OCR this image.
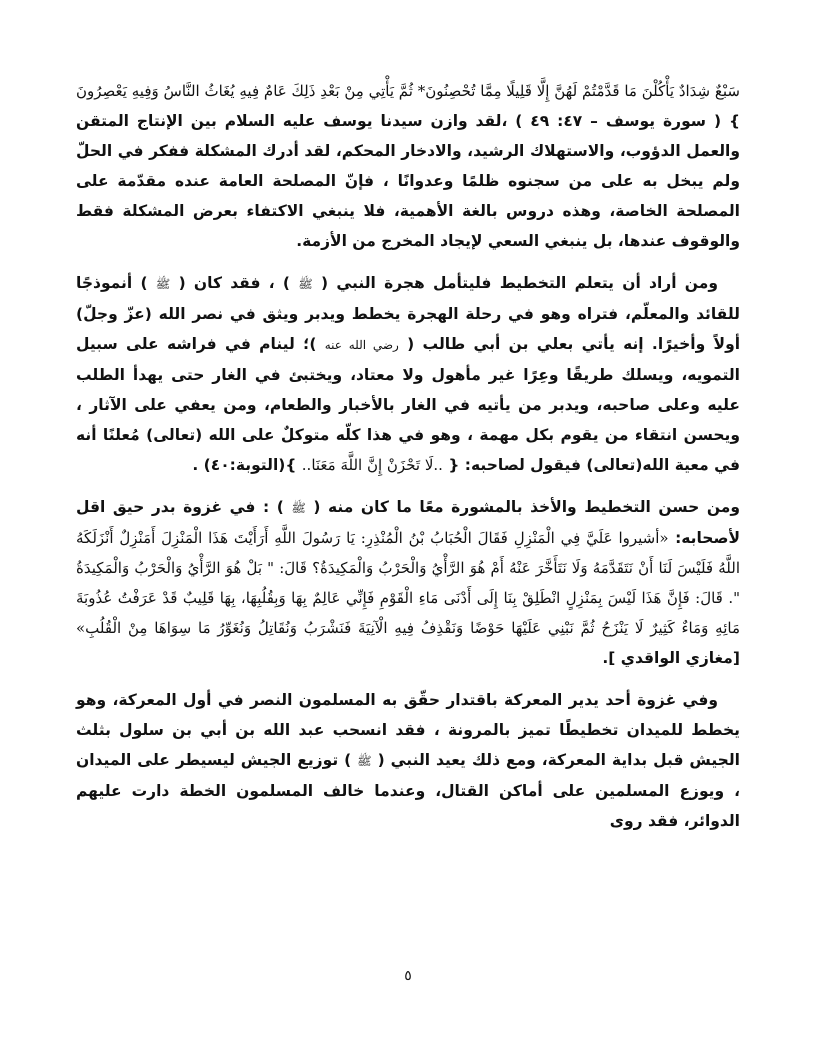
سَبْعٌ شِدَادٌ يَأْكُلْنَ مَا قَدَّمْتُمْ لَهُنَّ إِلَّا قَلِيلًا مِمَّا تُحْصِنُونَ* ثُمَّ يَأْتِي مِنْ بَعْدِ ذَلِكَ عَامٌ فِيهِ يُغَاثُ النَّاسُ وَفِيهِ يَعْصِرُونَ } ( سورة يوسف – ٤٧: ٤٩ ) ،لقد وازن سيدنا يوسف عليه السلام بين الإنتاج المتقن والعمل الدؤوب، والاستهلاك الرشيد، والادخار المحكم، لقد أدرك المشكلة ففكر في الحلّ ولم يبخل به على من سجنوه ظلمًا وعدوانًا ، فإنّ المصلحة العامة عنده مقدّمة على المصلحة الخاصة، وهذه دروس بالغة الأهمية، فلا ينبغي الاكتفاء بعرض المشكلة فقط والوقوف عندها، بل ينبغي السعي لإيجاد المخرج من الأزمة.

ومن أراد أن يتعلم التخطيط فليتأمل هجرة النبي ( ﷺ ) ، فقد كان ( ﷺ ) أنموذجًا للقائد والمعلّم، فتراه وهو في رحلة الهجرة يخطط ويدبر ويثق في نصر الله (عزّ وجلّ) أولاً وأخيرًا. إنه يأتي بعلي بن أبي طالب ( رضي الله عنه )؛ لينام في فراشه على سبيل التمويه، ويسلك طريقًا وعِرًا غير مأهول ولا معتاد، ويختبئ في الغار حتى يهدأ الطلب عليه وعلى صاحبه، ويدبر من يأتيه في الغار بالأخبار والطعام، ومن يعفي على الآثار ، ويحسن انتقاء من يقوم بكل مهمة ، وهو في هذا كلّه متوكلٌ على الله (تعالى) مُعلنًا أنه في معية الله(تعالى) فيقول لصاحبه: { ..لَا تَحْزَنْ إِنَّ اللَّهَ مَعَنَا.. }(التوبة:٤٠) .

ومن حسن التخطيط والأخذ بالمشورة معًا ما كان منه ( ﷺ ) : في غزوة بدر حيق اقل لأصحابه: «أشيروا عَلَيَّ فِي الْمَنْزِلِ فَقَالَ الْحُبَابُ بْنُ الْمُنْذِرِ: يَا رَسُولَ اللَّهِ أَرَأَيْتَ هَذَا الْمَنْزِلَ أَمَنْزِلٌ أَنْزَلَكَهُ اللَّهُ فَلَيْسَ لَنَا أَنْ نَتَقَدَّمَهُ وَلَا نَتَأَخَّرَ عَنْهُ أَمْ هُوَ الرَّأْيُ وَالْحَرْبُ وَالْمَكِيدَةُ؟ قَالَ: " بَلْ هُوَ الرَّأْيُ وَالْحَرْبُ وَالْمَكِيدَةُ ". قَالَ: فَإِنَّ هَذَا لَيْسَ بِمَنْزِلٍ انْطَلِقْ بِنَا إِلَى أَدْنَى مَاءِ الْقَوْمِ فَإِنِّي عَالِمٌ بِهَا وَبِقُلُبِهَا، بِهَا قَلِيبٌ قَدْ عَرَفْتُ عُذُوبَةَ مَائِهِ وَمَاءٌ كَثِيرٌ لَا يَنْزَحُ ثُمَّ نَبْنِي عَلَيْهَا حَوْضًا وَنَقْذِفُ فِيهِ الْآنِيَةَ فَنَشْرَبُ وَنُقَاتِلُ وَنُغَوِّرُ مَا سِوَاهَا مِنْ الْقُلُبِ» [مغازي الواقدي ].

وفي غزوة أحد يدير المعركة باقتدار حقّق به المسلمون النصر في أول المعركة، وهو يخطط للميدان تخطيطًا تميز بالمرونة ، فقد انسحب عبد الله بن أبي بن سلول بثلث الجيش قبل بداية المعركة، ومع ذلك يعيد النبي ( ﷺ ) توزيع الجيش ليسيطر على الميدان ، ويوزع المسلمين على أماكن القتال، وعندما خالف المسلمون الخطة دارت عليهم الدوائر، فقد روى

٥
